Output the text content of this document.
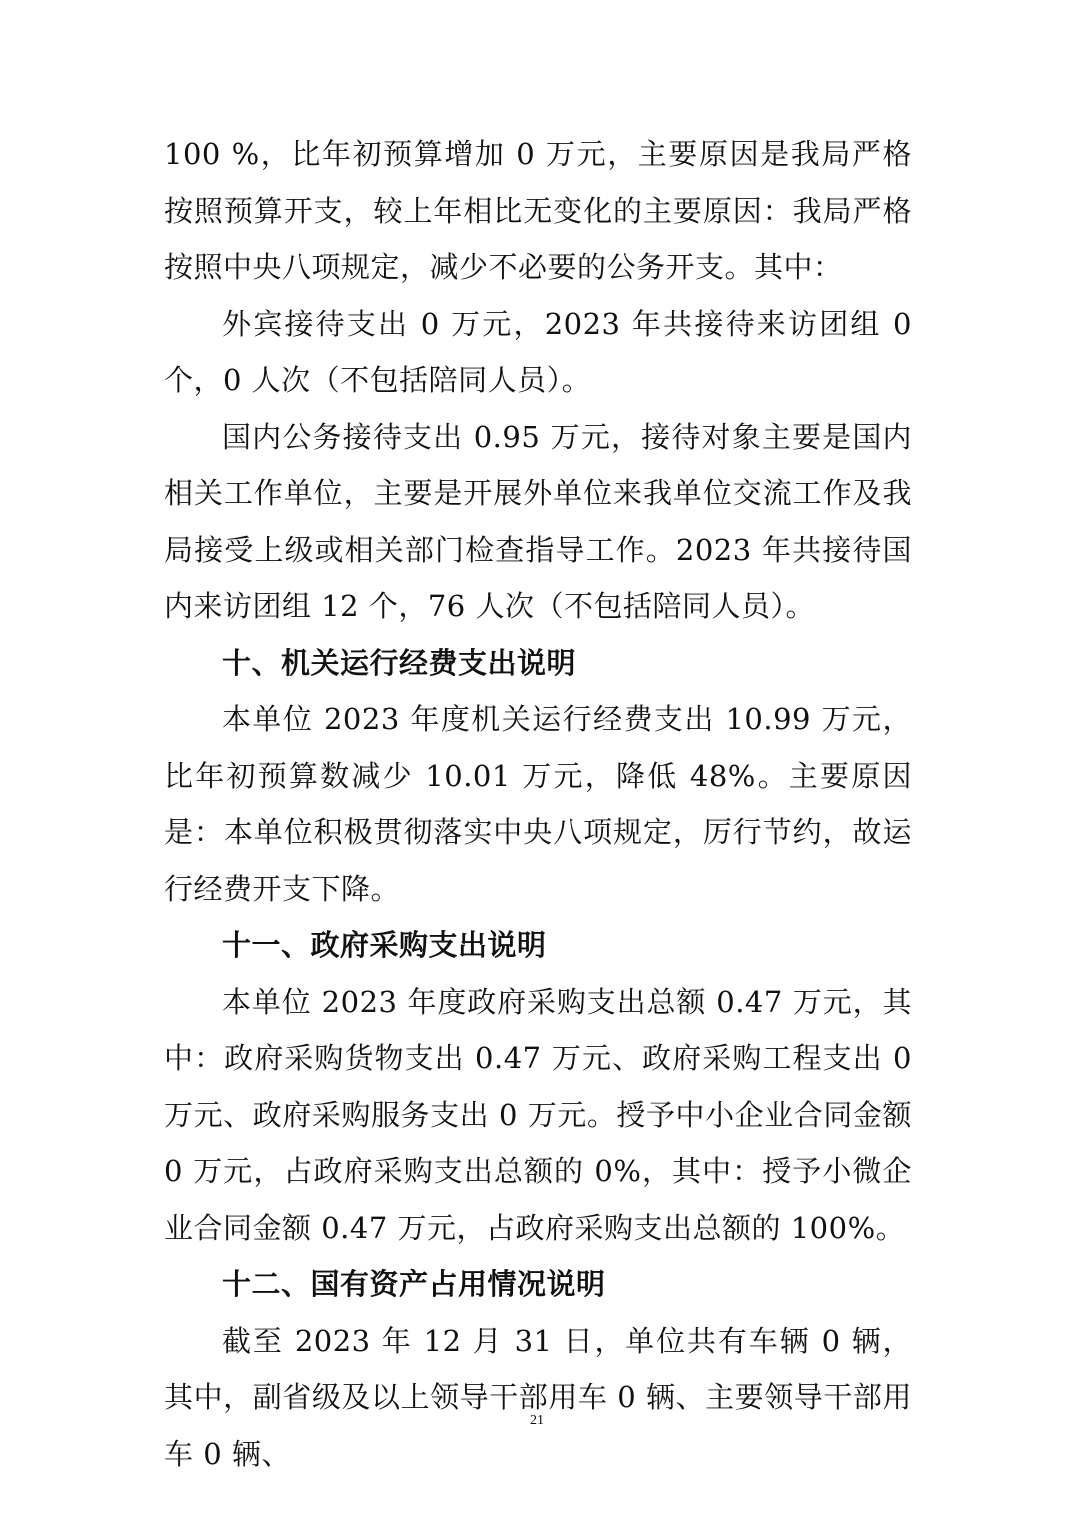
100 %，比年初预算增加 0 万元，主要原因是我局严格按照预算开支，较上年相比无变化的主要原因：我局严格按照中央八项规定，减少不必要的公务开支。其中：

外宾接待支出 0 万元，2023 年共接待来访团组 0 个，0 人次（不包括陪同人员）。

国内公务接待支出 0.95 万元，接待对象主要是国内相关工作单位，主要是开展外单位来我单位交流工作及我局接受上级或相关部门检查指导工作。2023 年共接待国内来访团组 12 个，76 人次（不包括陪同人员）。

十、机关运行经费支出说明

本单位 2023 年度机关运行经费支出 10.99 万元，比年初预算数减少 10.01 万元，降低 48%。主要原因是：本单位积极贯彻落实中央八项规定，厉行节约，故运行经费开支下降。

十一、政府采购支出说明

本单位 2023 年度政府采购支出总额 0.47 万元，其中：政府采购货物支出 0.47 万元、政府采购工程支出 0 万元、政府采购服务支出 0 万元。授予中小企业合同金额 0 万元，占政府采购支出总额的 0%，其中：授予小微企业合同金额 0.47 万元，占政府采购支出总额的 100%。

十二、国有资产占用情况说明

截至 2023 年 12 月 31 日，单位共有车辆 0 辆，其中，副省级及以上领导干部用车 0 辆、主要领导干部用车 0 辆、

21
